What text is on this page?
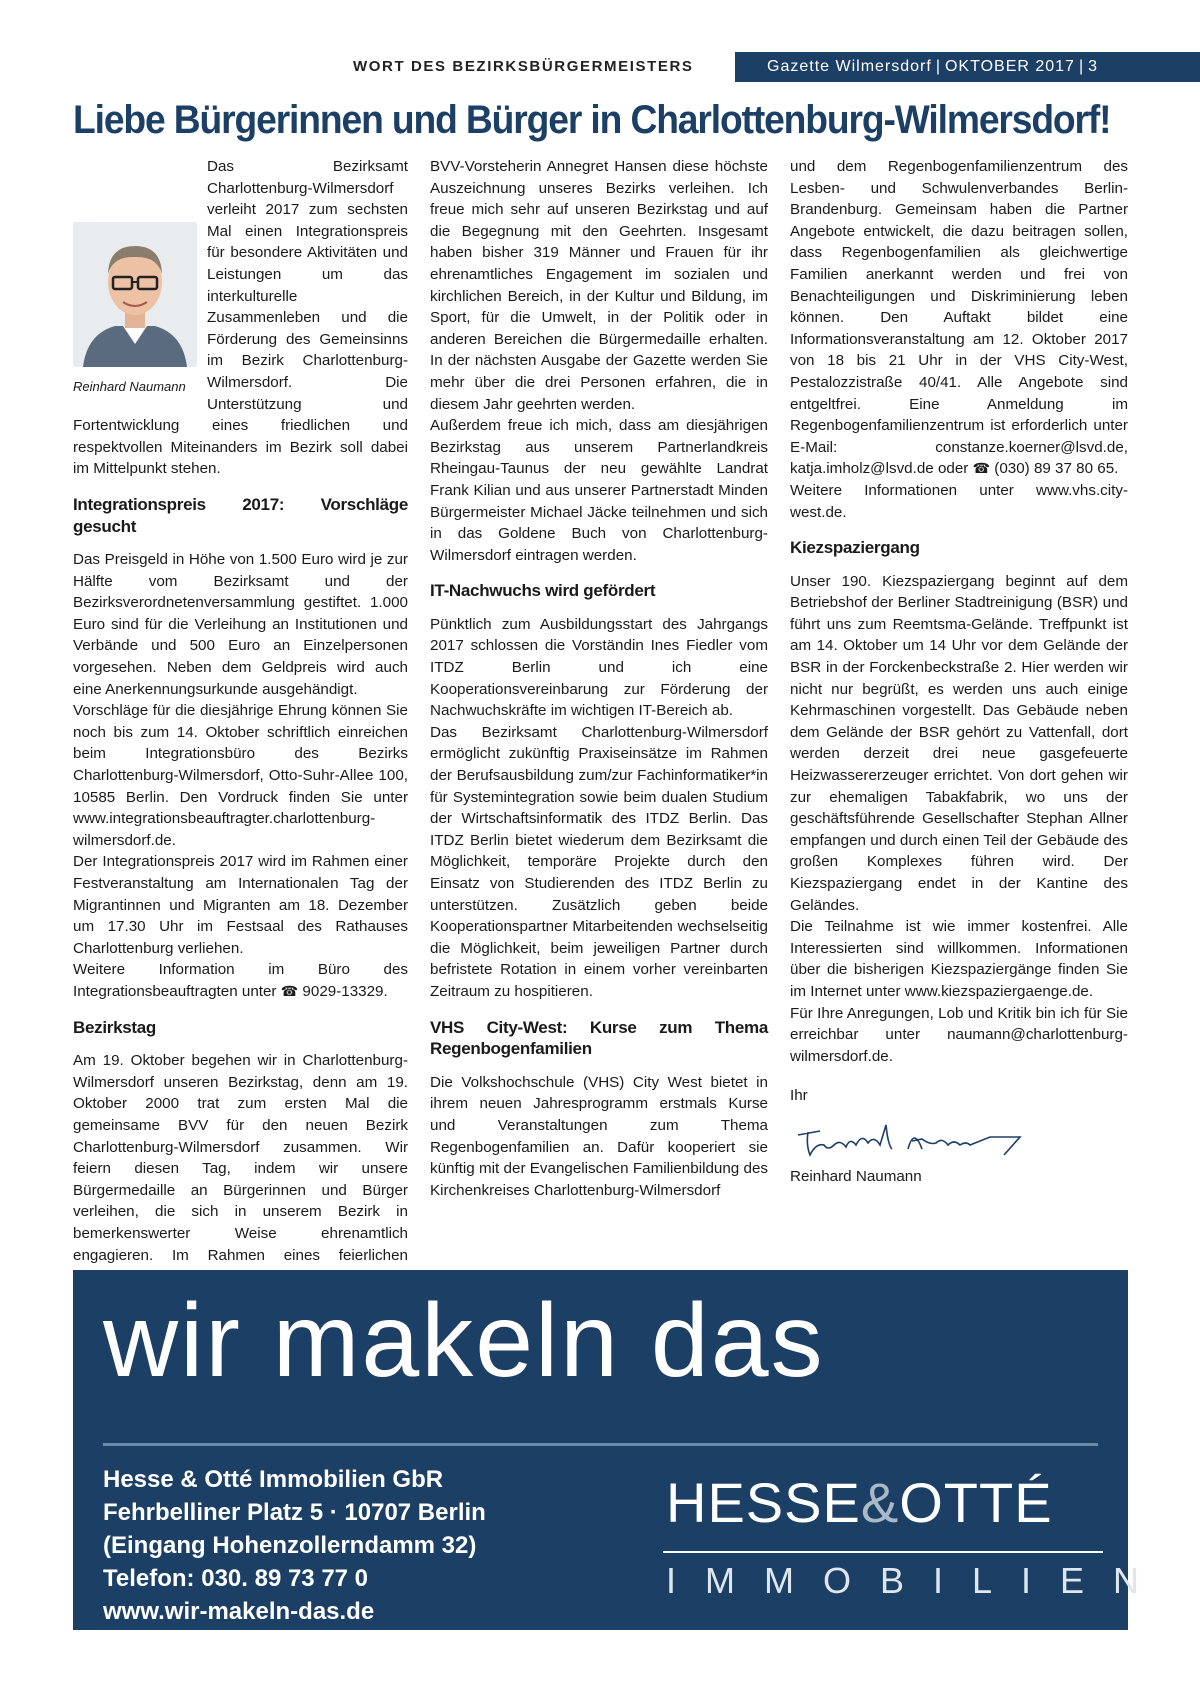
WORT DES BEZIRKSBÜRGERMEISTERS	Gazette Wilmersdorf | OKTOBER 2017 | 3
Liebe Bürgerinnen und Bürger in Charlottenburg-Wilmersdorf!
Reinhard Naumann

Das Bezirksamt Charlottenburg-Wilmersdorf verleiht 2017 zum sechsten Mal einen Integrationspreis für besondere Aktivitäten und Leistungen um das interkulturelle Zusammenleben und die Förderung des Gemeinsinns im Bezirk Charlottenburg-Wilmersdorf. Die Unterstützung und Fortentwicklung eines friedlichen und respektvollen Miteinanders im Bezirk soll dabei im Mittelpunkt stehen.

Integrationspreis 2017: Vorschläge gesucht

Das Preisgeld in Höhe von 1.500 Euro wird je zur Hälfte vom Bezirksamt und der Bezirksverordnetenversammlung gestiftet. 1.000 Euro sind für die Verleihung an Institutionen und Verbände und 500 Euro an Einzelpersonen vorgesehen. Neben dem Geldpreis wird auch eine Anerkennungsurkunde ausgehändigt.

Vorschläge für die diesjährige Ehrung können Sie noch bis zum 14. Oktober schriftlich einreichen beim Integrationsbüro des Bezirks Charlottenburg-Wilmersdorf, Otto-Suhr-Allee 100, 10585 Berlin. Den Vordruck finden Sie unter www.integrationsbeauftragter.charlottenburg-wilmersdorf.de.

Der Integrationspreis 2017 wird im Rahmen einer Festveranstaltung am Internationalen Tag der Migrantinnen und Migranten am 18. Dezember um 17.30 Uhr im Festsaal des Rathauses Charlottenburg verliehen.

Weitere Information im Büro des Integrationsbeauftragten unter ☎ 9029-13329.

Bezirkstag

Am 19. Oktober begehen wir in Charlottenburg-Wilmersdorf unseren Bezirkstag, denn am 19. Oktober 2000 trat zum ersten Mal die gemeinsame BVV für den neuen Bezirk Charlottenburg-Wilmersdorf zusammen. Wir feiern diesen Tag, indem wir unsere Bürgermedaille an Bürgerinnen und Bürger verleihen, die sich in unserem Bezirk in bemerkenswerter Weise ehrenamtlich engagieren. Im Rahmen eines feierlichen

BVV-Vorsteherin Annegret Hansen diese höchste Auszeichnung unseres Bezirks verleihen. Ich freue mich sehr auf unseren Bezirkstag und auf die Begegnung mit den Geehrten. Insgesamt haben bisher 319 Männer und Frauen für ihr ehrenamtliches Engagement im sozialen und kirchlichen Bereich, in der Kultur und Bildung, im Sport, für die Umwelt, in der Politik oder in anderen Bereichen die Bürgermedaille erhalten. In der nächsten Ausgabe der Gazette werden Sie mehr über die drei Personen erfahren, die in diesem Jahr geehrten werden.

Außerdem freue ich mich, dass am diesjährigen Bezirkstag aus unserem Partnerlandkreis Rheingau-Taunus der neu gewählte Landrat Frank Kilian und aus unserer Partnerstadt Minden Bürgermeister Michael Jäcke teilnehmen und sich in das Goldene Buch von Charlottenburg-Wilmersdorf eintragen werden.

IT-Nachwuchs wird gefördert

Pünktlich zum Ausbildungsstart des Jahrgangs 2017 schlossen die Vorständin Ines Fiedler vom ITDZ Berlin und ich eine Kooperationsvereinbarung zur Förderung der Nachwuchskräfte im wichtigen IT-Bereich ab.

Das Bezirksamt Charlottenburg-Wilmersdorf ermöglicht zukünftig Praxiseinsätze im Rahmen der Berufsausbildung zum/zur Fachinformatiker*in für Systemintegration sowie beim dualen Studium der Wirtschaftsinformatik des ITDZ Berlin. Das ITDZ Berlin bietet wiederum dem Bezirksamt die Möglichkeit, temporäre Projekte durch den Einsatz von Studierenden des ITDZ Berlin zu unterstützen. Zusätzlich geben beide Kooperationspartner Mitarbeitenden wechselseitig die Möglichkeit, beim jeweiligen Partner durch befristete Rotation in einem vorher vereinbarten Zeitraum zu hospitieren.

VHS City-West: Kurse zum Thema Regenbogenfamilien

Die Volkshochschule (VHS) City West bietet in ihrem neuen Jahresprogramm erstmals Kurse und Veranstaltungen zum Thema Regenbogenfamilien an. Dafür kooperiert sie künftig mit der Evangelischen Familienbildung des Kirchenkreises Charlottenburg-Wilmersdorf

und dem Regenbogenfamilienzentrum des Lesben- und Schwulenverbandes Berlin-Brandenburg. Gemeinsam haben die Partner Angebote entwickelt, die dazu beitragen sollen, dass Regenbogenfamilien als gleichwertige Familien anerkannt werden und frei von Benachteiligungen und Diskriminierung leben können. Den Auftakt bildet eine Informationsveranstaltung am 12. Oktober 2017 von 18 bis 21 Uhr in der VHS City-West, Pestalozzistraße 40/41. Alle Angebote sind entgeltfrei. Eine Anmeldung im Regenbogenfamilienzentrum ist erforderlich unter E-Mail: constanze.koerner@lsvd.de, katja.imholz@lsvd.de oder ☎ (030) 89 37 80 65.

Weitere Informationen unter www.vhs.city-west.de.

Kiezspaziergang

Unser 190. Kiezspaziergang beginnt auf dem Betriebshof der Berliner Stadtreinigung (BSR) und führt uns zum Reemtsma-Gelände. Treffpunkt ist am 14. Oktober um 14 Uhr vor dem Gelände der BSR in der Forckenbeckstraße 2. Hier werden wir nicht nur begrüßt, es werden uns auch einige Kehrmaschinen vorgestellt. Das Gebäude neben dem Gelände der BSR gehört zu Vattenfall, dort werden derzeit drei neue gasgefeuerte Heizwassererzeuger errichtet. Von dort gehen wir zur ehemaligen Tabakfabrik, wo uns der geschäftsführende Gesellschafter Stephan Allner empfangen und durch einen Teil der Gebäude des großen Komplexes führen wird. Der Kiezspaziergang endet in der Kantine des Geländes.

Die Teilnahme ist wie immer kostenfrei. Alle Interessierten sind willkommen. Informationen über die bisherigen Kiezspaziergänge finden Sie im Internet unter www.kiezspaziergaenge.de.

Für Ihre Anregungen, Lob und Kritik bin ich für Sie erreichbar unter naumann@charlottenburg-wilmersdorf.de.

Ihr

Reinhard Naumann

wir makeln das
Hesse & Otté Immobilien GbR
Fehrbelliner Platz 5 · 10707 Berlin
(Eingang Hohenzollerndamm 32)
Telefon: 030. 89 73 77 0
www.wir-makeln-das.de
HESSE&OTTÉ
IMMOBILIEN
